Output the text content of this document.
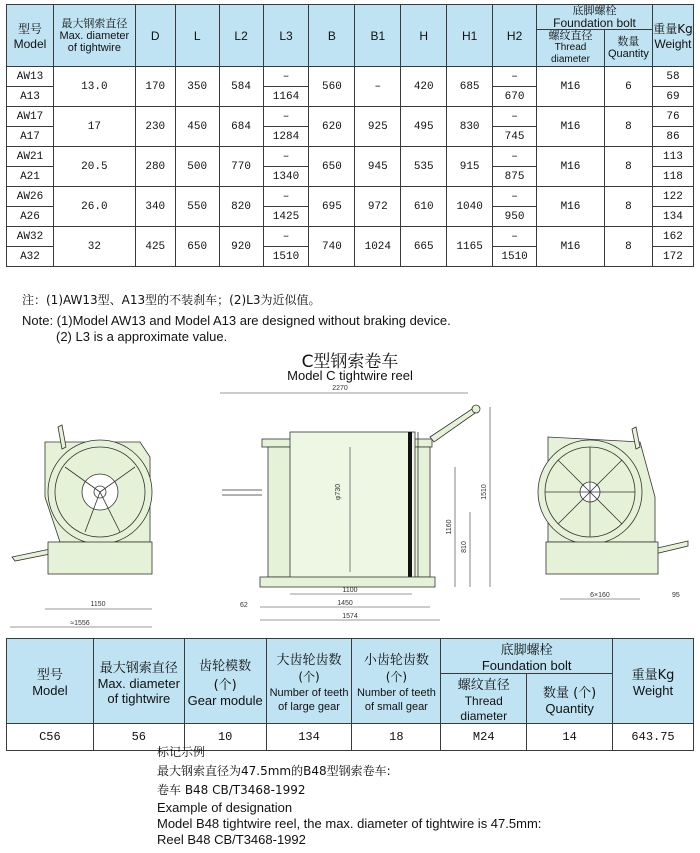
型号
Model	最大钢索直径
Max. diameter
of tightwire	D	L	L2	L3	B	B1	H	H1	H2	底脚螺栓
Foundation bolt		重量Kg
Weight

											螺纹直径
Thread diameter	数量
Quantity	

AW13	13.0	170	350	584	–	560	–	420	685	–	M16	6	58
A13					1164					670			69
AW17	17	230	450	684	–	620	925	495	830	–	M16	8	76
A17					1284					745			86
AW21	20.5	280	500	770	–	650	945	535	915	–	M16	8	113
A21					1340					875			118
AW26	26.0	340	550	820	–	695	972	610	1040	–	M16	8	122
A26					1425					950			134
AW32	32	425	650	920	–	740	1024	665	1165	–	M16	8	162
A32					1510					1510			172
注：(1)AW13型、A13型的不装刹车；(2)L3为近似值。
Note: (1)Model AW13 and Model A13 are designed without braking device.
(2) L3 is a approximate value.
C型钢索卷车
Model C tightwire reel
1150
≈1556
2270
φ730
1100
1450
1574
62
1160
810
1510
6×160	95
型号
Model	最大钢索直径
Max. diameter
of tightwire	齿轮模数
(个)
Gear module	大齿轮齿数
(个)
Number of teeth
of large gear	小齿轮齿数
(个)
Number of teeth
of small gear	底脚螺栓
Foundation bolt		重量Kg
Weight
					螺纹直径
Thread diameter	数量 (个)
Quantity	
C56	56	10	134	18	M24	14	643.75
标记示例
最大钢索直径为47.5mm的B48型钢索卷车:
卷车 B48 CB/T3468-1992
Example of designation
Model B48 tightwire reel, the max. diameter of tightwire is 47.5mm:
Reel B48 CB/T3468-1992
